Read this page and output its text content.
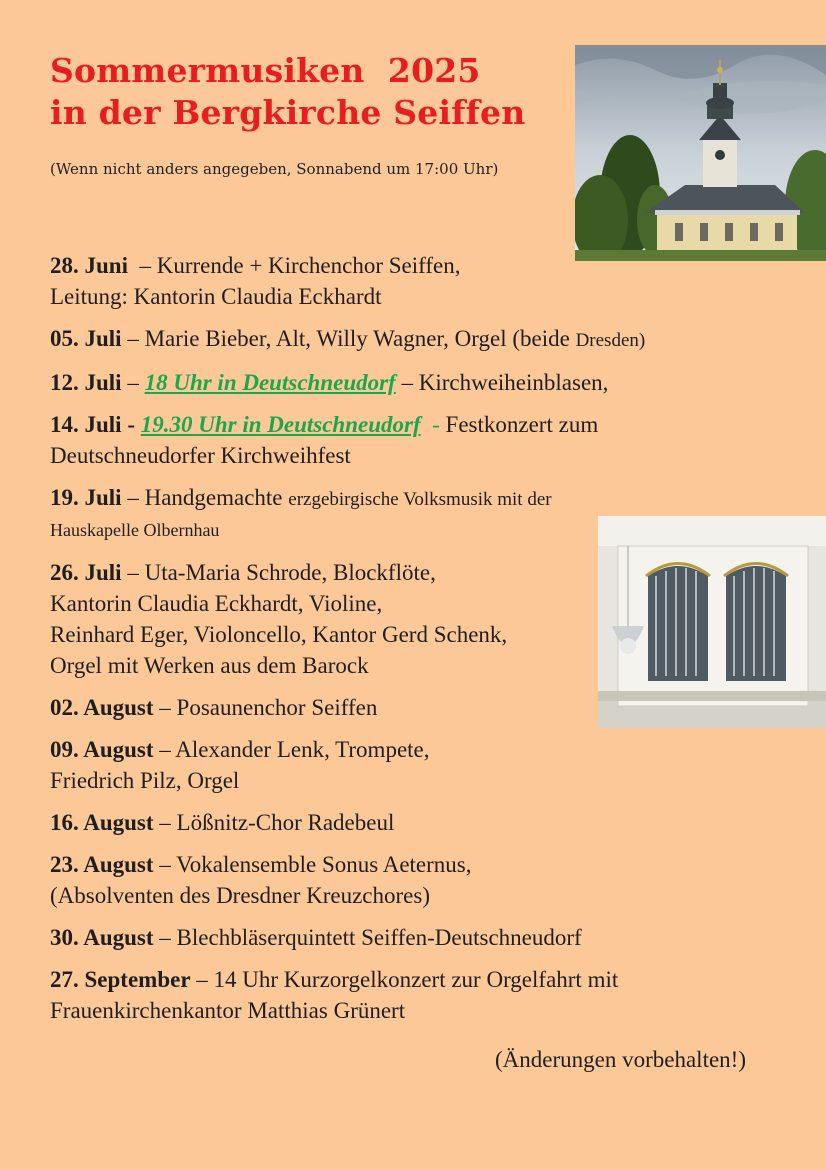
Sommermusiken  2025
in der Bergkirche Seiffen
(Wenn nicht anders angegeben, Sonnabend um 17:00 Uhr)
28. Juni  – Kurrende + Kirchenchor Seiffen,
Leitung: Kantorin Claudia Eckhardt
05. Juli – Marie Bieber, Alt, Willy Wagner, Orgel (beide Dresden)
12. Juli – 18 Uhr in Deutschneudorf – Kirchweiheinblasen,
14. Juli - 19.30 Uhr in Deutschneudorf  - Festkonzert zum
Deutschneudorfer Kirchweihfest
19. Juli – Handgemachte erzgebirgische Volksmusik mit der
Hauskapelle Olbernhau
26. Juli – Uta-Maria Schrode, Blockflöte,
Kantorin Claudia Eckhardt, Violine,
Reinhard Eger, Violoncello, Kantor Gerd Schenk,
Orgel mit Werken aus dem Barock
02. August – Posaunenchor Seiffen
09. August – Alexander Lenk, Trompete,
Friedrich Pilz, Orgel
16. August – Lößnitz-Chor Radebeul
23. August – Vokalensemble Sonus Aeternus,
(Absolventen des Dresdner Kreuzchores)
30. August – Blechbläserquintett Seiffen-Deutschneudorf
27. September – 14 Uhr Kurzorgelkonzert zur Orgelfahrt mit
Frauenkirchenkantor Matthias Grünert
(Änderungen vorbehalten!)
